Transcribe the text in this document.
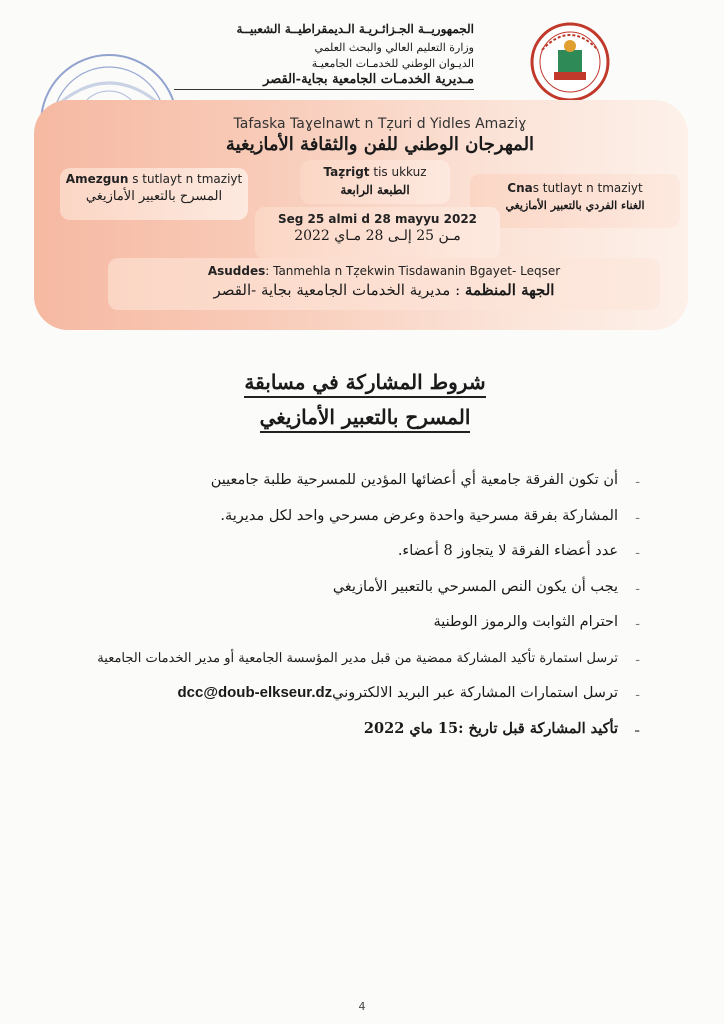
الجمهوريــة الجـزائـريـة الـديمقراطيــة الشعبيــة
وزارة التعليم العالي والبحث العلمي
الديـوان الوطني للخدمـات الجامعيـة
مـديرية الخدمـات الجامعية بجاية-القصر
Tafaska Taɣelnawt n Tẓuri d Yidles Amaziɣ
المهرجان الوطني للفن والثقافة الأمازيغية
Amezgun s tutlayt n tmaziyt
المسرح بالتعبير الأمازيغي
Taẓrigt tis ukkuz
الطبعة الرابعة	Cnas tutlayt n tmaziyt
الغناء الفردي بالتعبير الأمازيغي
Seg 25 almi d 28 mayyu 2022
مـن 25 إلـى 28 مـاي 2022
Asuddes: Tanmehla n Tẓekwin Tisdawanin Bgayet- Leqser
الجهة المنظمة : مديرية الخدمات الجامعية بجاية -القصر
شروط المشاركة في مسابقة
المسرح بالتعبير الأمازيغي
-
أن تكون الفرقة جامعية أي أعضائها المؤدين للمسرحية طلبة جامعيين
-
المشاركة بفرقة مسرحية واحدة وعرض مسرحي واحد لكل مديرية.
-
عدد أعضاء الفرقة لا يتجاوز 8 أعضاء.
-
يجب أن يكون النص المسرحي بالتعبير الأمازيغي
-
احترام الثوابت والرموز الوطنية
-
ترسل استمارة تأكيد المشاركة ممضية من قبل مدير المؤسسة الجامعية أو مدير الخدمات الجامعية
-
ترسل استمارات المشاركة عبر البريد الالكترونيdcc@doub-elkseur.dz
-
تأكيد المشاركة قبل تاريخ :15 ماي 2022
4
